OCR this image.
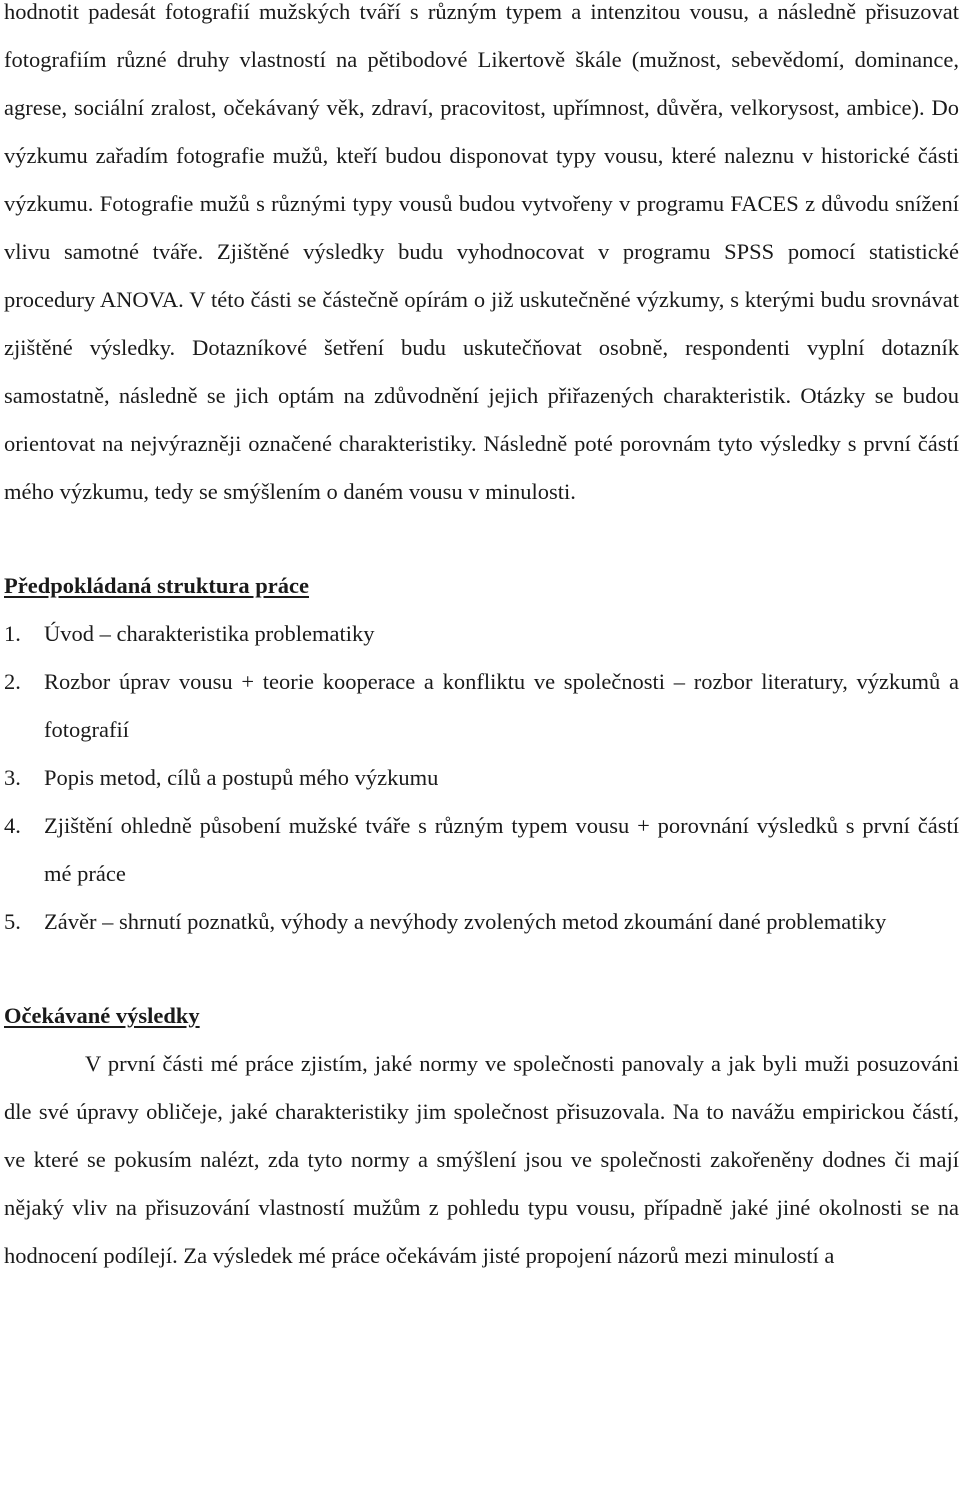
hodnotit padesát fotografií mužských tváří s různým typem a intenzitou vousu, a následně přisuzovat fotografiím různé druhy vlastností na pětibodové Likertově škále (mužnost, sebevědomí, dominance, agrese, sociální zralost, očekávaný věk, zdraví, pracovitost, upřímnost, důvěra, velkorysost, ambice). Do výzkumu zařadím fotografie mužů, kteří budou disponovat typy vousu, které naleznu v historické části výzkumu. Fotografie mužů s různými typy vousů budou vytvořeny v programu FACES z důvodu snížení vlivu samotné tváře. Zjištěné výsledky budu vyhodnocovat v programu SPSS pomocí statistické procedury ANOVA. V této části se částečně opírám o již uskutečněné výzkumy, s kterými budu srovnávat zjištěné výsledky. Dotazníkové šetření budu uskutečňovat osobně, respondenti vyplní dotazník samostatně, následně se jich optám na zdůvodnění jejich přiřazených charakteristik. Otázky se budou orientovat na nejvýrazněji označené charakteristiky. Následně poté porovnám tyto výsledky s první částí mého výzkumu, tedy se smýšlením o daném vousu v minulosti.

Předpokládaná struktura práce
1.	Úvod – charakteristika problematiky
2.	Rozbor úprav vousu + teorie kooperace a konfliktu ve společnosti – rozbor literatury, výzkumů a fotografií
3.	Popis metod, cílů a postupů mého výzkumu
4.	Zjištění ohledně působení mužské tváře s různým typem vousu + porovnání výsledků s první částí mé práce
5.	Závěr – shrnutí poznatků, výhody a nevýhody zvolených metod zkoumání dané problematiky
Očekávané výsledky

V první části mé práce zjistím, jaké normy ve společnosti panovaly a jak byli muži posuzováni dle své úpravy obličeje, jaké charakteristiky jim společnost přisuzovala. Na to navážu empirickou částí, ve které se pokusím nalézt, zda tyto normy a smýšlení jsou ve společnosti zakořeněny dodnes či mají nějaký vliv na přisuzování vlastností mužům z pohledu typu vousu, případně jaké jiné okolnosti se na hodnocení podílejí. Za výsledek mé práce očekávám jisté propojení názorů mezi minulostí a
